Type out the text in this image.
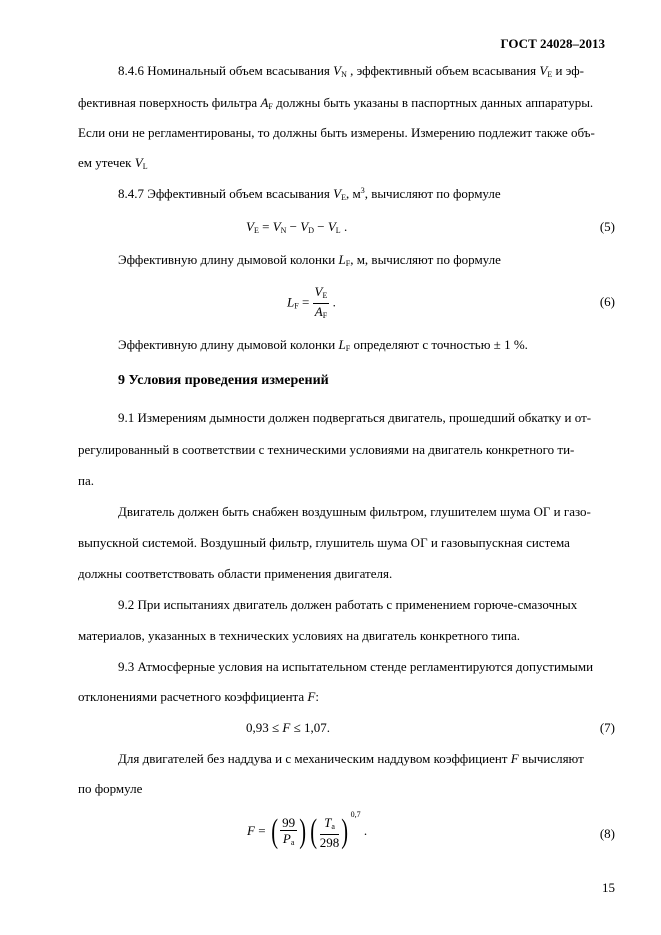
ГОСТ 24028–2013
8.4.6 Номинальный объем всасывания $V_N$ , эффективный объем всасывания $V_E$ и эф-
фективная поверхность фильтра $A_F$ должны быть указаны в паспортных данных аппаратуры.
Если они не регламентированы, то должны быть измерены. Измерению подлежит также объ-
ем утечек $V_L$
8.4.7 Эффективный объем всасывания $V_E$, $м^3$, вычисляют по формуле
$V_E = V_N - V_D - V_L$ .	(5)
Эффективную длину дымовой колонки $L_F$, м, вычисляют по формуле
$L_F = \frac{V_E}{A_F}$ .	(6)
Эффективную длину дымовой колонки $L_F$ определяют с точностью ± 1 %.
9 Условия проведения измерений
9.1 Измерениям дымности должен подвергаться двигатель, прошедший обкатку и от-
регулированный в соответствии с техническими условиями на двигатель конкретного ти-
па.
Двигатель должен быть снабжен воздушным фильтром, глушителем шума ОГ и газо-
выпускной системой. Воздушный фильтр, глушитель шума ОГ и газовыпускная система
должны соответствовать области применения двигателя.
9.2 При испытаниях двигатель должен работать с применением горюче-смазочных
материалов, указанных в технических условиях на двигатель конкретного типа.
9.3 Атмосферные условия на испытательном стенде регламентируются допустимыми
отклонениями расчетного коэффициента F:
0,93 ≤ F ≤ 1,07.	(7)
Для двигателей без наддува и с механическим наддувом коэффициент F вычисляют
по формуле
F = ( $\frac{99}{P_a}$ ) ( $\frac{T_a}{298}$ ) $^{0,7}$ .	(8)
15
